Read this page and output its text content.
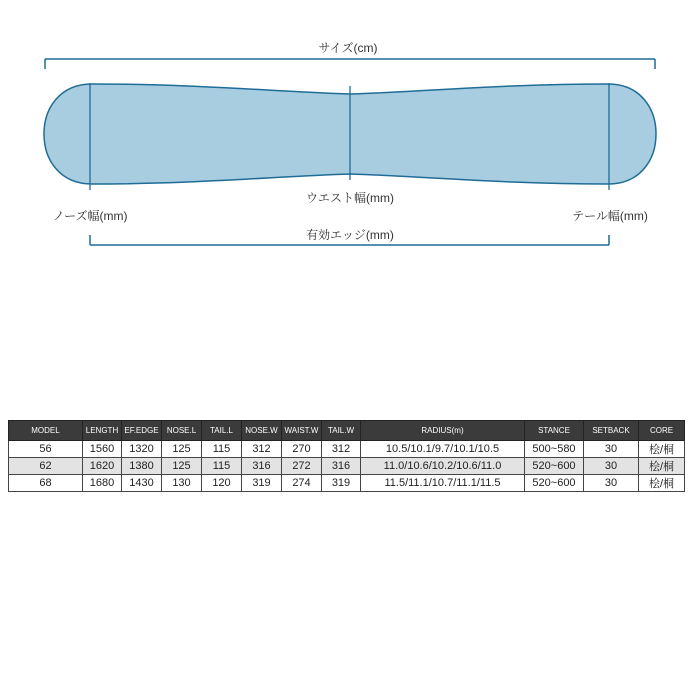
サイズ(cm)
ウエスト幅(mm)
ノーズ幅(mm)	テール幅(mm)
有効エッジ(mm)
MODEL	LENGTH	EF.EDGE	NOSE.L	TAIL.L	NOSE.W	WAIST.W	TAIL.W	RADIUS(m)	STANCE	SETBACK	CORE
56	1560	1320	125	115	312	270	312	10.5/10.1/9.7/10.1/10.5	500~580	30	桧/桐
62	1620	1380	125	115	316	272	316	11.0/10.6/10.2/10.6/11.0	520~600	30	桧/桐
68	1680	1430	130	120	319	274	319	11.5/11.1/10.7/11.1/11.5	520~600	30	桧/桐
